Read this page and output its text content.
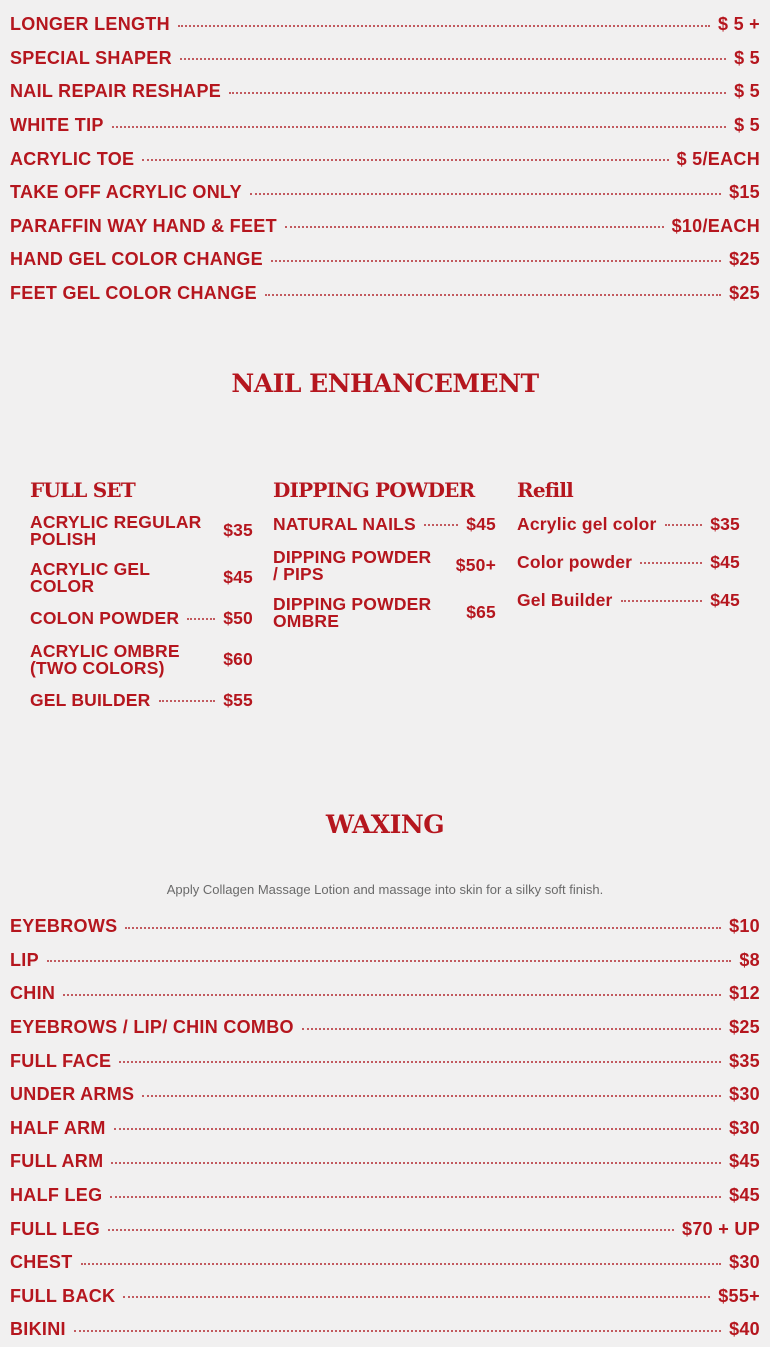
LONGER LENGTH	$ 5 +
SPECIAL SHAPER	$ 5
NAIL REPAIR RESHAPE	$ 5
WHITE TIP	$ 5
ACRYLIC TOE	$ 5/EACH
TAKE OFF ACRYLIC ONLY	$15
PARAFFIN WAY HAND & FEET	$10/EACH
HAND GEL COLOR CHANGE	$25
FEET GEL COLOR CHANGE	$25
NAIL ENHANCEMENT
FULL SET
ACRYLIC REGULAR POLISH	$35
ACRYLIC GEL COLOR	$45
COLON POWDER	$50
ACRYLIC OMBRE (TWO COLORS)	$60
GEL BUILDER	$55
DIPPING POWDER
NATURAL NAILS	$45
DIPPING POWDER / PIPS	$50+
DIPPING POWDER OMBRE	$65
Refill
Acrylic gel color	$35
Color powder	$45
Gel Builder	$45
WAXING
Apply Collagen Massage Lotion and massage into skin for a silky soft finish.
EYEBROWS	$10
LIP	$8
CHIN	$12
EYEBROWS / LIP/ CHIN COMBO	$25
FULL FACE	$35
UNDER ARMS	$30
HALF ARM	$30
FULL ARM	$45
HALF LEG	$45
FULL LEG	$70 + UP
CHEST	$30
FULL BACK	$55+
BIKINI	$40
